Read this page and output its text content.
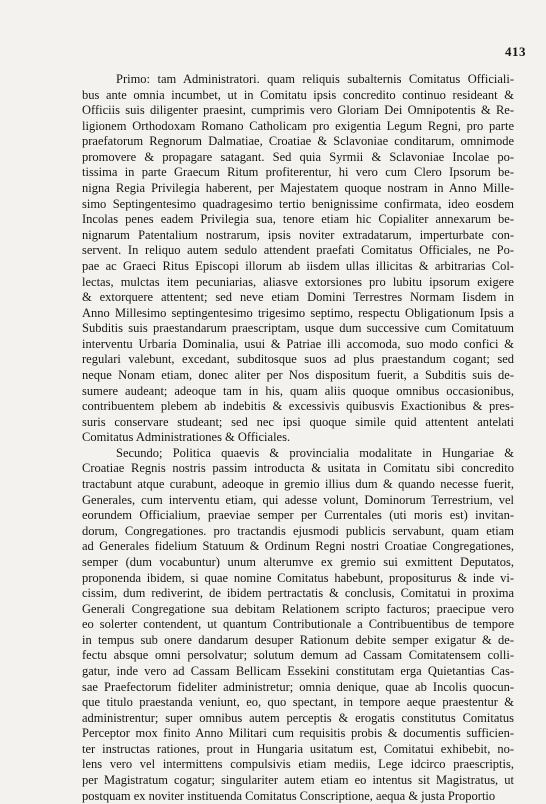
413

Primo: tam Administratori. quam reliquis subalternis Comitatus Officiali-
bus ante omnia incumbet, ut in Comitatu ipsis concredito continuo resideant &
Officiis suis diligenter praesint, cumprimis vero Gloriam Dei Omnipotentis & Re-
ligionem Orthodoxam Romano Catholicam pro exigentia Legum Regni, pro parte
praefatorum Regnorum Dalmatiae, Croatiae & Sclavoniae conditarum, omnimode
promovere & propagare satagant. Sed quia Syrmii & Sclavoniae Incolae po-
tissima in parte Graecum Ritum profiterentur, hi vero cum Clero Ipsorum be-
nigna Regia Privilegia haberent, per Majestatem quoque nostram in Anno Mille-
simo Septingentesimo quadragesimo tertio benignissime confirmata, ideo eosdem
Incolas penes eadem Privilegia sua, tenore etiam hic Copialiter annexarum be-
nignarum Patentalium nostrarum, ipsis noviter extradatarum, imperturbate con-
servent. In reliquo autem sedulo attendent praefati Comitatus Officiales, ne Po-
pae ac Graeci Ritus Episcopi illorum ab iisdem ullas illicitas & arbitrarias Col-
lectas, mulctas item pecuniarias, aliasve extorsiones pro lubitu ipsorum exigere
& extorquere attentent; sed neve etiam Domini Terrestres Normam Iisdem in
Anno Millesimo septingentesimo trigesimo septimo, respectu Obligationum Ipsis a
Subditis suis praestandarum praescriptam, usque dum successive cum Comitatuum
interventu Urbaria Dominalia, usui & Patriae illi accomoda, suo modo confici &
regulari valebunt, excedant, subditosque suos ad plus praestandum cogant; sed
neque Nonam etiam, donec aliter per Nos dispositum fuerit, a Subditis suis de-
sumere audeant; adeoque tam in his, quam aliis quoque omnibus occasionibus,
contribuentem plebem ab indebitis & excessivis quibusvis Exactionibus & pres-
suris conservare studeant; sed nec ipsi quoque simile quid attentent antelati
Comitatus Administrationes & Officiales.

Secundo; Politica quaevis & provincialia modalitate in Hungariae &
Croatiae Regnis nostris passim introducta & usitata in Comitatu sibi concredito
tractabunt atque curabunt, adeoque in gremio illius dum & quando necesse fuerit,
Generales, cum interventu etiam, qui adesse volunt, Dominorum Terrestrium, vel
eorundem Officialium, praeviae semper per Currentales (uti moris est) invitan-
dorum, Congregationes. pro tractandis ejusmodi publicis servabunt, quam etiam
ad Generales fidelium Statuum & Ordinum Regni nostri Croatiae Congregationes,
semper (dum vocabuntur) unum alterumve ex gremio sui exmittent Deputatos,
proponenda ibidem, si quae nomine Comitatus habebunt, propositurus & inde vi-
cissim, dum rediverint, de ibidem pertractatis & conclusis, Comitatui in proxima
Generali Congregatione sua debitam Relationem scripto facturos; praecipue vero
eo solerter contendent, ut quantum Contributionale a Contribuentibus de tempore
in tempus sub onere dandarum desuper Rationum debite semper exigatur & de-
fectu absque omni persolvatur; solutum demum ad Cassam Comitatensem colli-
gatur, inde vero ad Cassam Bellicam Essekini constitutam erga Quietantias Cas-
sae Praefectorum fideliter administretur; omnia denique, quae ab Incolis quocun-
que titulo praestanda veniunt, eo, quo spectant, in tempore aeque praestentur &
administrentur; super omnibus autem perceptis & erogatis constitutus Comitatus
Perceptor mox finito Anno Militari cum requisitis probis & documentis sufficien-
ter instructas rationes, prout in Hungaria usitatum est, Comitatui exhibebit, no-
lens vero vel intermittens compulsivis etiam mediis, Lege idcirco praescriptis,
per Magistratum cogatur; singulariter autem etiam eo intentus sit Magistratus, ut
postquam ex noviter instituenda Comitatus Conscriptione, aequa & justa Proportio
